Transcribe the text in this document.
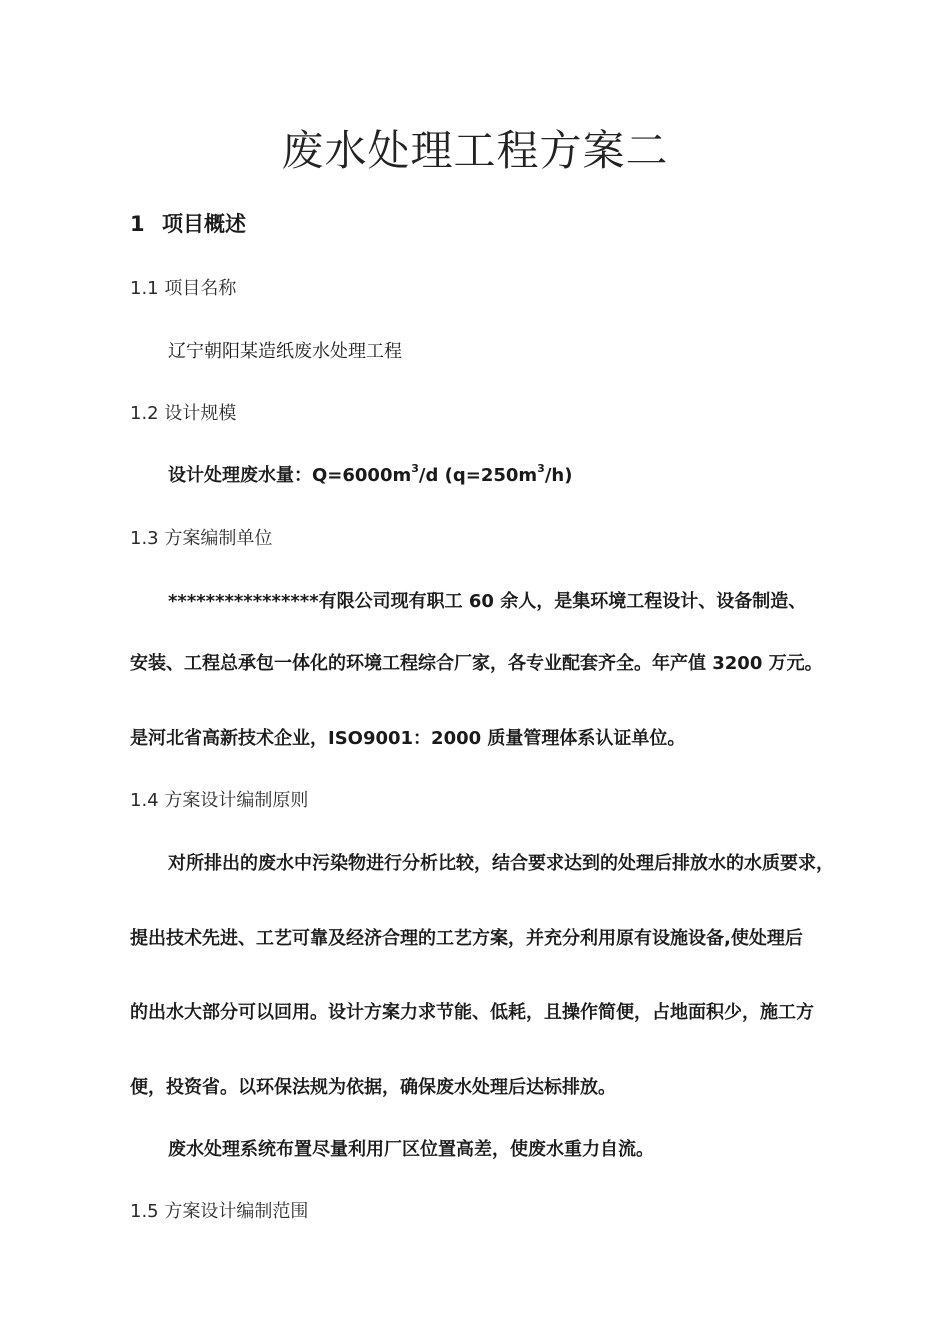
废水处理工程方案二
1 项目概述
1.1 项目名称
辽宁朝阳某造纸废水处理工程
1.2 设计规模
设计处理废水量：$Q=6000m^3/d$ $(q=250m^3/h)$
1.3 方案编制单位
****************有限公司现有职工 60 余人，是集环境工程设计、设备制造、
安装、工程总承包一体化的环境工程综合厂家，各专业配套齐全。年产值 3200 万元。
是河北省高新技术企业，ISO9001：2000 质量管理体系认证单位。
1.4 方案设计编制原则
对所排出的废水中污染物进行分析比较，结合要求达到的处理后排放水的水质要求，
提出技术先进、工艺可靠及经济合理的工艺方案，并充分利用原有设施设备,使处理后
的出水大部分可以回用。设计方案力求节能、低耗，且操作简便，占地面积少，施工方
便，投资省。以环保法规为依据，确保废水处理后达标排放。
废水处理系统布置尽量利用厂区位置高差，使废水重力自流。
1.5 方案设计编制范围
